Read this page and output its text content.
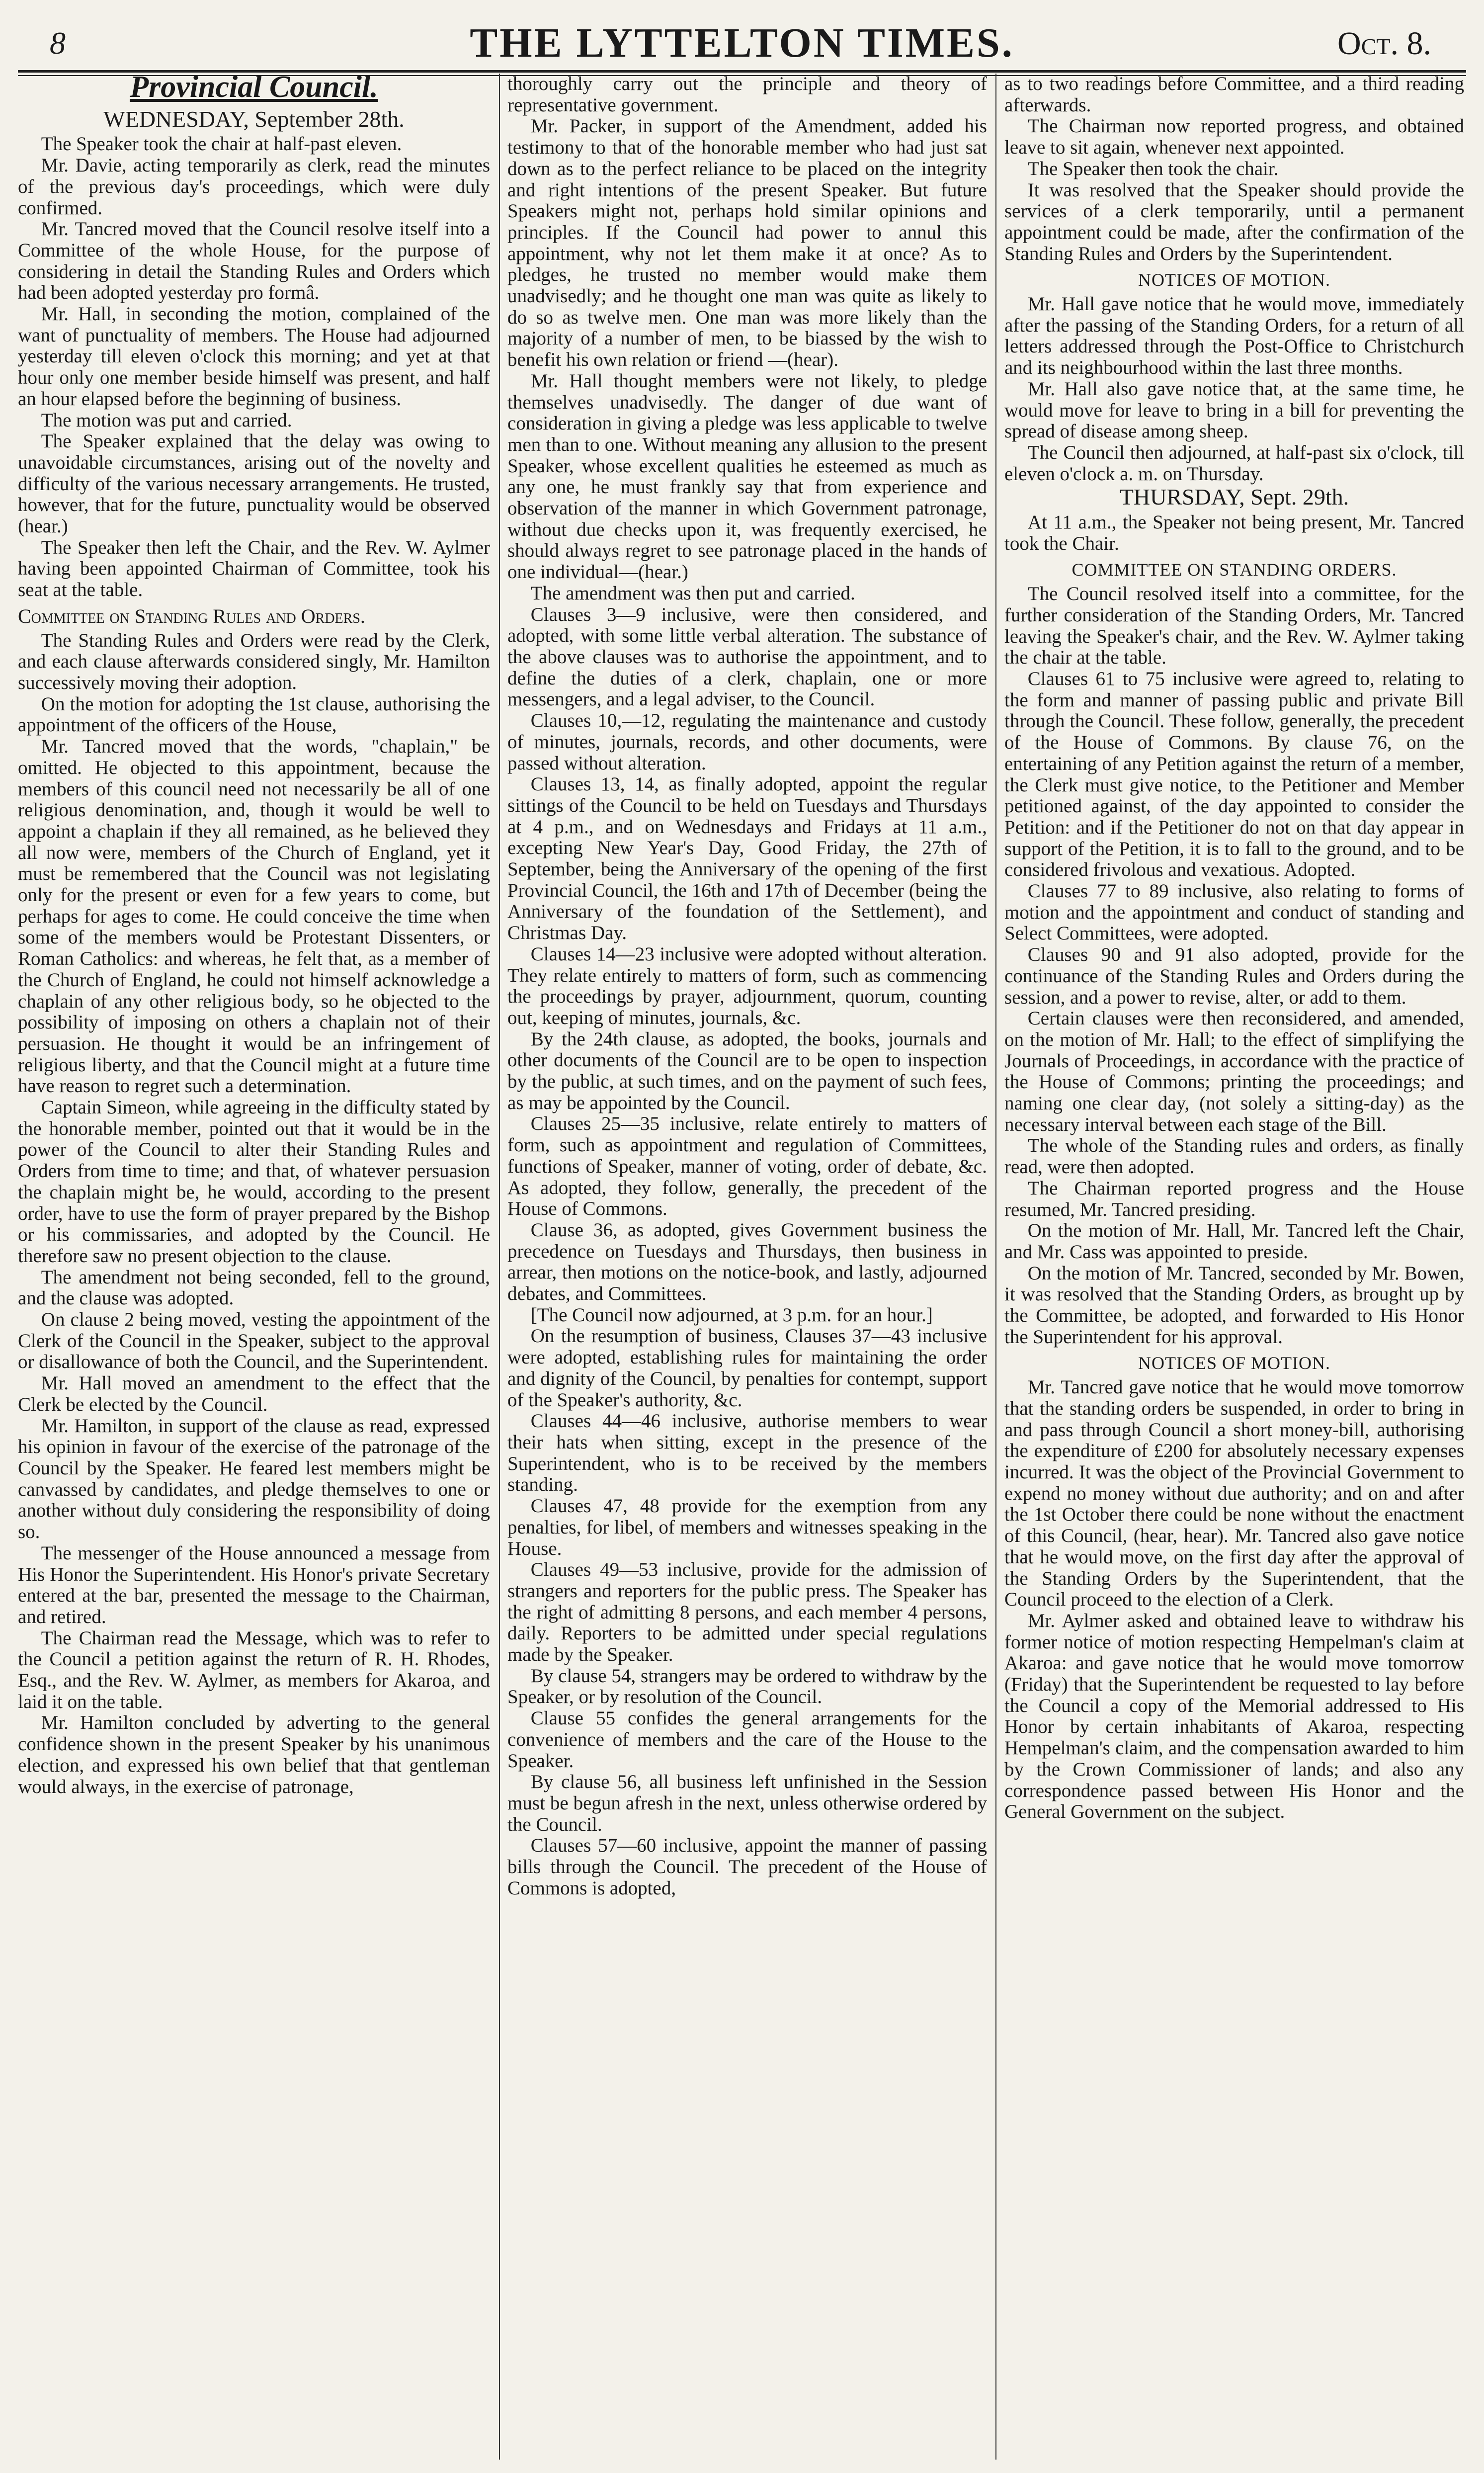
8	THE LYTTELTON TIMES.	Oct. 8.
Provincial Council.
WEDNESDAY, September 28th.

The Speaker took the chair at half-past eleven.

Mr. Davie, acting temporarily as clerk, read the minutes of the previous day's proceedings, which were duly confirmed.

Mr. Tancred moved that the Council resolve itself into a Committee of the whole House, for the purpose of considering in detail the Standing Rules and Orders which had been adopted yesterday pro formâ.

Mr. Hall, in seconding the motion, complained of the want of punctuality of members. The House had adjourned yesterday till eleven o'clock this morning; and yet at that hour only one member beside himself was present, and half an hour elapsed before the beginning of business.

The motion was put and carried.

The Speaker explained that the delay was owing to unavoidable circumstances, arising out of the novelty and difficulty of the various necessary arrangements. He trusted, however, that for the future, punctuality would be observed (hear.)

The Speaker then left the Chair, and the Rev. W. Aylmer having been appointed Chairman of Committee, took his seat at the table.

Committee on Standing Rules and Orders.

The Standing Rules and Orders were read by the Clerk, and each clause afterwards considered singly, Mr. Hamilton successively moving their adoption.

On the motion for adopting the 1st clause, authorising the appointment of the officers of the House,

Mr. Tancred moved that the words, "chaplain," be omitted. He objected to this appointment, because the members of this council need not necessarily be all of one religious denomination, and, though it would be well to appoint a chaplain if they all remained, as he believed they all now were, members of the Church of England, yet it must be remembered that the Council was not legislating only for the present or even for a few years to come, but perhaps for ages to come. He could conceive the time when some of the members would be Protestant Dissenters, or Roman Catholics: and whereas, he felt that, as a member of the Church of England, he could not himself acknowledge a chaplain of any other religious body, so he objected to the possibility of imposing on others a chaplain not of their persuasion. He thought it would be an infringement of religious liberty, and that the Council might at a future time have reason to regret such a determination.

Captain Simeon, while agreeing in the difficulty stated by the honorable member, pointed out that it would be in the power of the Council to alter their Standing Rules and Orders from time to time; and that, of whatever persuasion the chaplain might be, he would, according to the present order, have to use the form of prayer prepared by the Bishop or his commissaries, and adopted by the Council. He therefore saw no present objection to the clause.

The amendment not being seconded, fell to the ground, and the clause was adopted.

On clause 2 being moved, vesting the appointment of the Clerk of the Council in the Speaker, subject to the approval or disallowance of both the Council, and the Superintendent.

Mr. Hall moved an amendment to the effect that the Clerk be elected by the Council.

Mr. Hamilton, in support of the clause as read, expressed his opinion in favour of the exercise of the patronage of the Council by the Speaker. He feared lest members might be canvassed by candidates, and pledge themselves to one or another without duly considering the responsibility of doing so.

The messenger of the House announced a message from His Honor the Superintendent. His Honor's private Secretary entered at the bar, presented the message to the Chairman, and retired.

The Chairman read the Message, which was to refer to the Council a petition against the return of R. H. Rhodes, Esq., and the Rev. W. Aylmer, as members for Akaroa, and laid it on the table.

Mr. Hamilton concluded by adverting to the general confidence shown in the present Speaker by his unanimous election, and expressed his own belief that that gentleman would always, in the exercise of patronage,

thoroughly carry out the principle and theory of representative government.

Mr. Packer, in support of the Amendment, added his testimony to that of the honorable member who had just sat down as to the perfect reliance to be placed on the integrity and right intentions of the present Speaker. But future Speakers might not, perhaps hold similar opinions and principles. If the Council had power to annul this appointment, why not let them make it at once? As to pledges, he trusted no member would make them unadvisedly; and he thought one man was quite as likely to do so as twelve men. One man was more likely than the majority of a number of men, to be biassed by the wish to benefit his own relation or friend —(hear).

Mr. Hall thought members were not likely, to pledge themselves unadvisedly. The danger of due want of consideration in giving a pledge was less applicable to twelve men than to one. Without meaning any allusion to the present Speaker, whose excellent qualities he esteemed as much as any one, he must frankly say that from experience and observation of the manner in which Government patronage, without due checks upon it, was frequently exercised, he should always regret to see patronage placed in the hands of one individual—(hear.)

The amendment was then put and carried.

Clauses 3—9 inclusive, were then considered, and adopted, with some little verbal alteration. The substance of the above clauses was to authorise the appointment, and to define the duties of a clerk, chaplain, one or more messengers, and a legal adviser, to the Council.

Clauses 10,—12, regulating the maintenance and custody of minutes, journals, records, and other documents, were passed without alteration.

Clauses 13, 14, as finally adopted, appoint the regular sittings of the Council to be held on Tuesdays and Thursdays at 4 p.m., and on Wednesdays and Fridays at 11 a.m., excepting New Year's Day, Good Friday, the 27th of September, being the Anniversary of the opening of the first Provincial Council, the 16th and 17th of December (being the Anniversary of the foundation of the Settlement), and Christmas Day.

Clauses 14—23 inclusive were adopted without alteration. They relate entirely to matters of form, such as commencing the proceedings by prayer, adjournment, quorum, counting out, keeping of minutes, journals, &c.

By the 24th clause, as adopted, the books, journals and other documents of the Council are to be open to inspection by the public, at such times, and on the payment of such fees, as may be appointed by the Council.

Clauses 25—35 inclusive, relate entirely to matters of form, such as appointment and regulation of Committees, functions of Speaker, manner of voting, order of debate, &c. As adopted, they follow, generally, the precedent of the House of Commons.

Clause 36, as adopted, gives Government business the precedence on Tuesdays and Thursdays, then business in arrear, then motions on the notice-book, and lastly, adjourned debates, and Committees.

[The Council now adjourned, at 3 p.m. for an hour.]

On the resumption of business, Clauses 37—43 inclusive were adopted, establishing rules for maintaining the order and dignity of the Council, by penalties for contempt, support of the Speaker's authority, &c.

Clauses 44—46 inclusive, authorise members to wear their hats when sitting, except in the presence of the Superintendent, who is to be received by the members standing.

Clauses 47, 48 provide for the exemption from any penalties, for libel, of members and witnesses speaking in the House.

Clauses 49—53 inclusive, provide for the admission of strangers and reporters for the public press. The Speaker has the right of admitting 8 persons, and each member 4 persons, daily. Reporters to be admitted under special regulations made by the Speaker.

By clause 54, strangers may be ordered to withdraw by the Speaker, or by resolution of the Council.

Clause 55 confides the general arrangements for the convenience of members and the care of the House to the Speaker.

By clause 56, all business left unfinished in the Session must be begun afresh in the next, unless otherwise ordered by the Council.

Clauses 57—60 inclusive, appoint the manner of passing bills through the Council. The precedent of the House of Commons is adopted,

as to two readings before Committee, and a third reading afterwards.

The Chairman now reported progress, and obtained leave to sit again, whenever next appointed.

The Speaker then took the chair.

It was resolved that the Speaker should provide the services of a clerk temporarily, until a permanent appointment could be made, after the confirmation of the Standing Rules and Orders by the Superintendent.

NOTICES OF MOTION.

Mr. Hall gave notice that he would move, immediately after the passing of the Standing Orders, for a return of all letters addressed through the Post-Office to Christchurch and its neighbourhood within the last three months.

Mr. Hall also gave notice that, at the same time, he would move for leave to bring in a bill for preventing the spread of disease among sheep.

The Council then adjourned, at half-past six o'clock, till eleven o'clock a. m. on Thursday.

THURSDAY, Sept. 29th.

At 11 a.m., the Speaker not being present, Mr. Tancred took the Chair.

COMMITTEE ON STANDING ORDERS.

The Council resolved itself into a committee, for the further consideration of the Standing Orders, Mr. Tancred leaving the Speaker's chair, and the Rev. W. Aylmer taking the chair at the table.

Clauses 61 to 75 inclusive were agreed to, relating to the form and manner of passing public and private Bill through the Council. These follow, generally, the precedent of the House of Commons. By clause 76, on the entertaining of any Petition against the return of a member, the Clerk must give notice, to the Petitioner and Member petitioned against, of the day appointed to consider the Petition: and if the Petitioner do not on that day appear in support of the Petition, it is to fall to the ground, and to be considered frivolous and vexatious. Adopted.

Clauses 77 to 89 inclusive, also relating to forms of motion and the appointment and conduct of standing and Select Committees, were adopted.

Clauses 90 and 91 also adopted, provide for the continuance of the Standing Rules and Orders during the session, and a power to revise, alter, or add to them.

Certain clauses were then reconsidered, and amended, on the motion of Mr. Hall; to the effect of simplifying the Journals of Proceedings, in accordance with the practice of the House of Commons; printing the proceedings; and naming one clear day, (not solely a sitting-day) as the necessary interval between each stage of the Bill.

The whole of the Standing rules and orders, as finally read, were then adopted.

The Chairman reported progress and the House resumed, Mr. Tancred presiding.

On the motion of Mr. Hall, Mr. Tancred left the Chair, and Mr. Cass was appointed to preside.

On the motion of Mr. Tancred, seconded by Mr. Bowen, it was resolved that the Standing Orders, as brought up by the Committee, be adopted, and forwarded to His Honor the Superintendent for his approval.

NOTICES OF MOTION.

Mr. Tancred gave notice that he would move tomorrow that the standing orders be suspended, in order to bring in and pass through Council a short money-bill, authorising the expenditure of £200 for absolutely necessary expenses incurred. It was the object of the Provincial Government to expend no money without due authority; and on and after the 1st October there could be none without the enactment of this Council, (hear, hear). Mr. Tancred also gave notice that he would move, on the first day after the approval of the Standing Orders by the Superintendent, that the Council proceed to the election of a Clerk.

Mr. Aylmer asked and obtained leave to withdraw his former notice of motion respecting Hempelman's claim at Akaroa: and gave notice that he would move tomorrow (Friday) that the Superintendent be requested to lay before the Council a copy of the Memorial addressed to His Honor by certain inhabitants of Akaroa, respecting Hempelman's claim, and the compensation awarded to him by the Crown Commissioner of lands; and also any correspondence passed between His Honor and the General Government on the subject.
